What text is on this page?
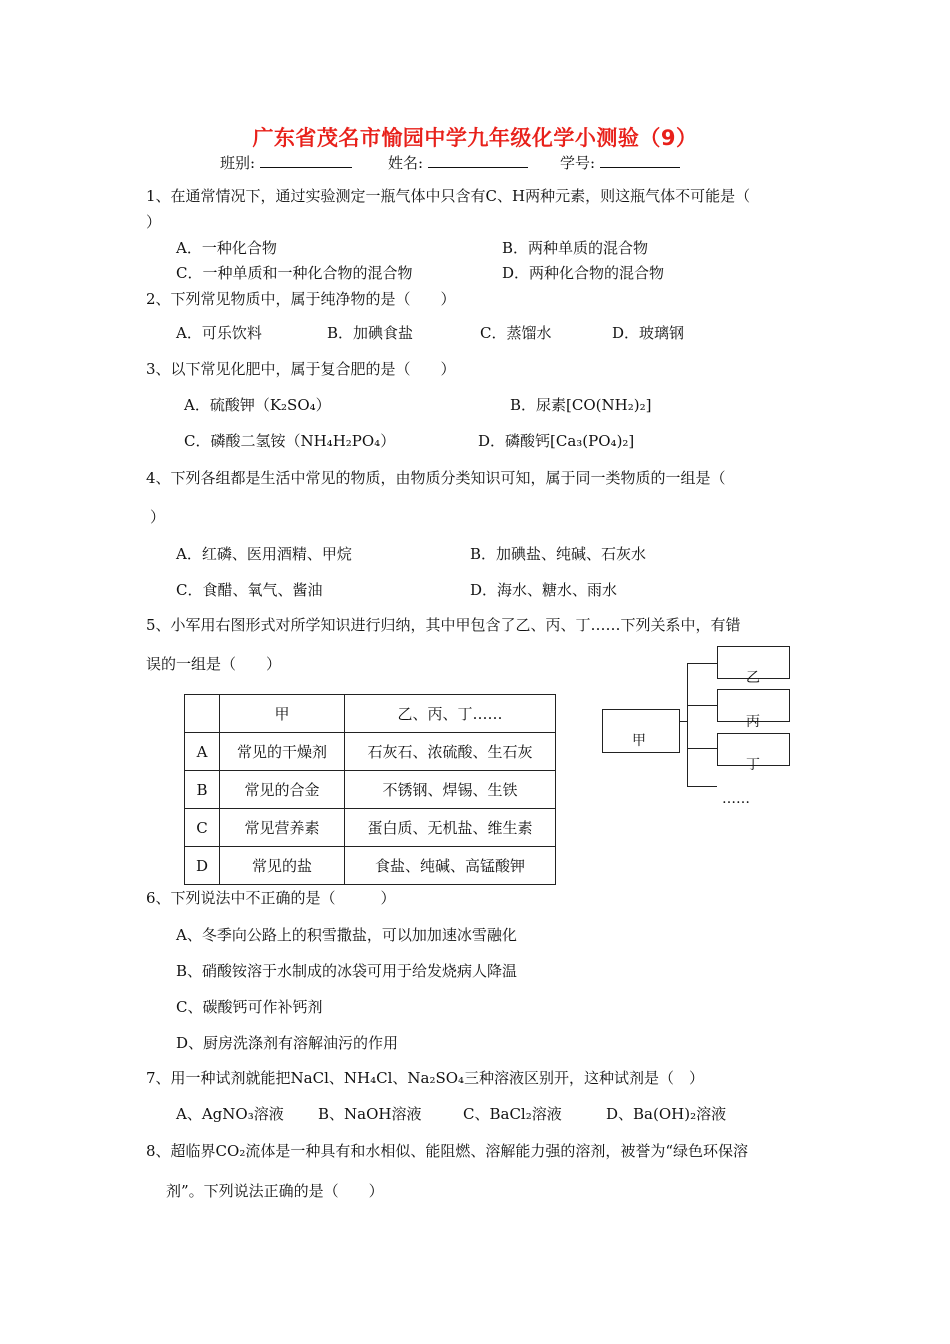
广东省茂名市愉园中学九年级化学小测验（9）
班别:	姓名:	学号:
1、在通常情况下，通过实验测定一瓶气体中只含有C、H两种元素，则这瓶气体不可能是（
）
A．一种化合物	B．两种单质的混合物
C．一种单质和一种化合物的混合物	D．两种化合物的混合物
2、下列常见物质中，属于纯净物的是（　　）
A．可乐饮料	B．加碘食盐	C．蒸馏水	D．玻璃钢
3、以下常见化肥中，属于复合肥的是（　　）
A．硫酸钾（K₂SO₄）	B．尿素[CO(NH₂)₂]
C．磷酸二氢铵（NH₄H₂PO₄）	D．磷酸钙[Ca₃(PO₄)₂]
4、下列各组都是生活中常见的物质，由物质分类知识可知，属于同一类物质的一组是（
）
A．红磷、医用酒精、甲烷	B．加碘盐、纯碱、石灰水
C．食醋、氧气、酱油	D．海水、糖水、雨水
5、小军用右图形式对所学知识进行归纳，其中甲包含了乙、丙、丁……下列关系中，有错
误的一组是（　　）
	甲	乙、丙、丁……
A	常见的干燥剂	石灰石、浓硫酸、生石灰
B	常见的合金	不锈钢、焊锡、生铁
C	常见营养素	蛋白质、无机盐、维生素
D	常见的盐	食盐、纯碱、高锰酸钾
甲
乙
丙
丁
……
6、下列说法中不正确的是（　　　）
A、冬季向公路上的积雪撒盐，可以加加速冰雪融化
B、硝酸铵溶于水制成的冰袋可用于给发烧病人降温
C、碳酸钙可作补钙剂
D、厨房洗涤剂有溶解油污的作用
7、用一种试剂就能把NaCl、NH₄Cl、Na₂SO₄三种溶液区别开，这种试剂是（　）
A、AgNO₃溶液 B、NaOH溶液	C、BaCl₂溶液	D、Ba(OH)₂溶液
8、超临界CO₂流体是一种具有和水相似、能阻燃、溶解能力强的溶剂，被誉为“绿色环保溶
剂”。下列说法正确的是（　　）
